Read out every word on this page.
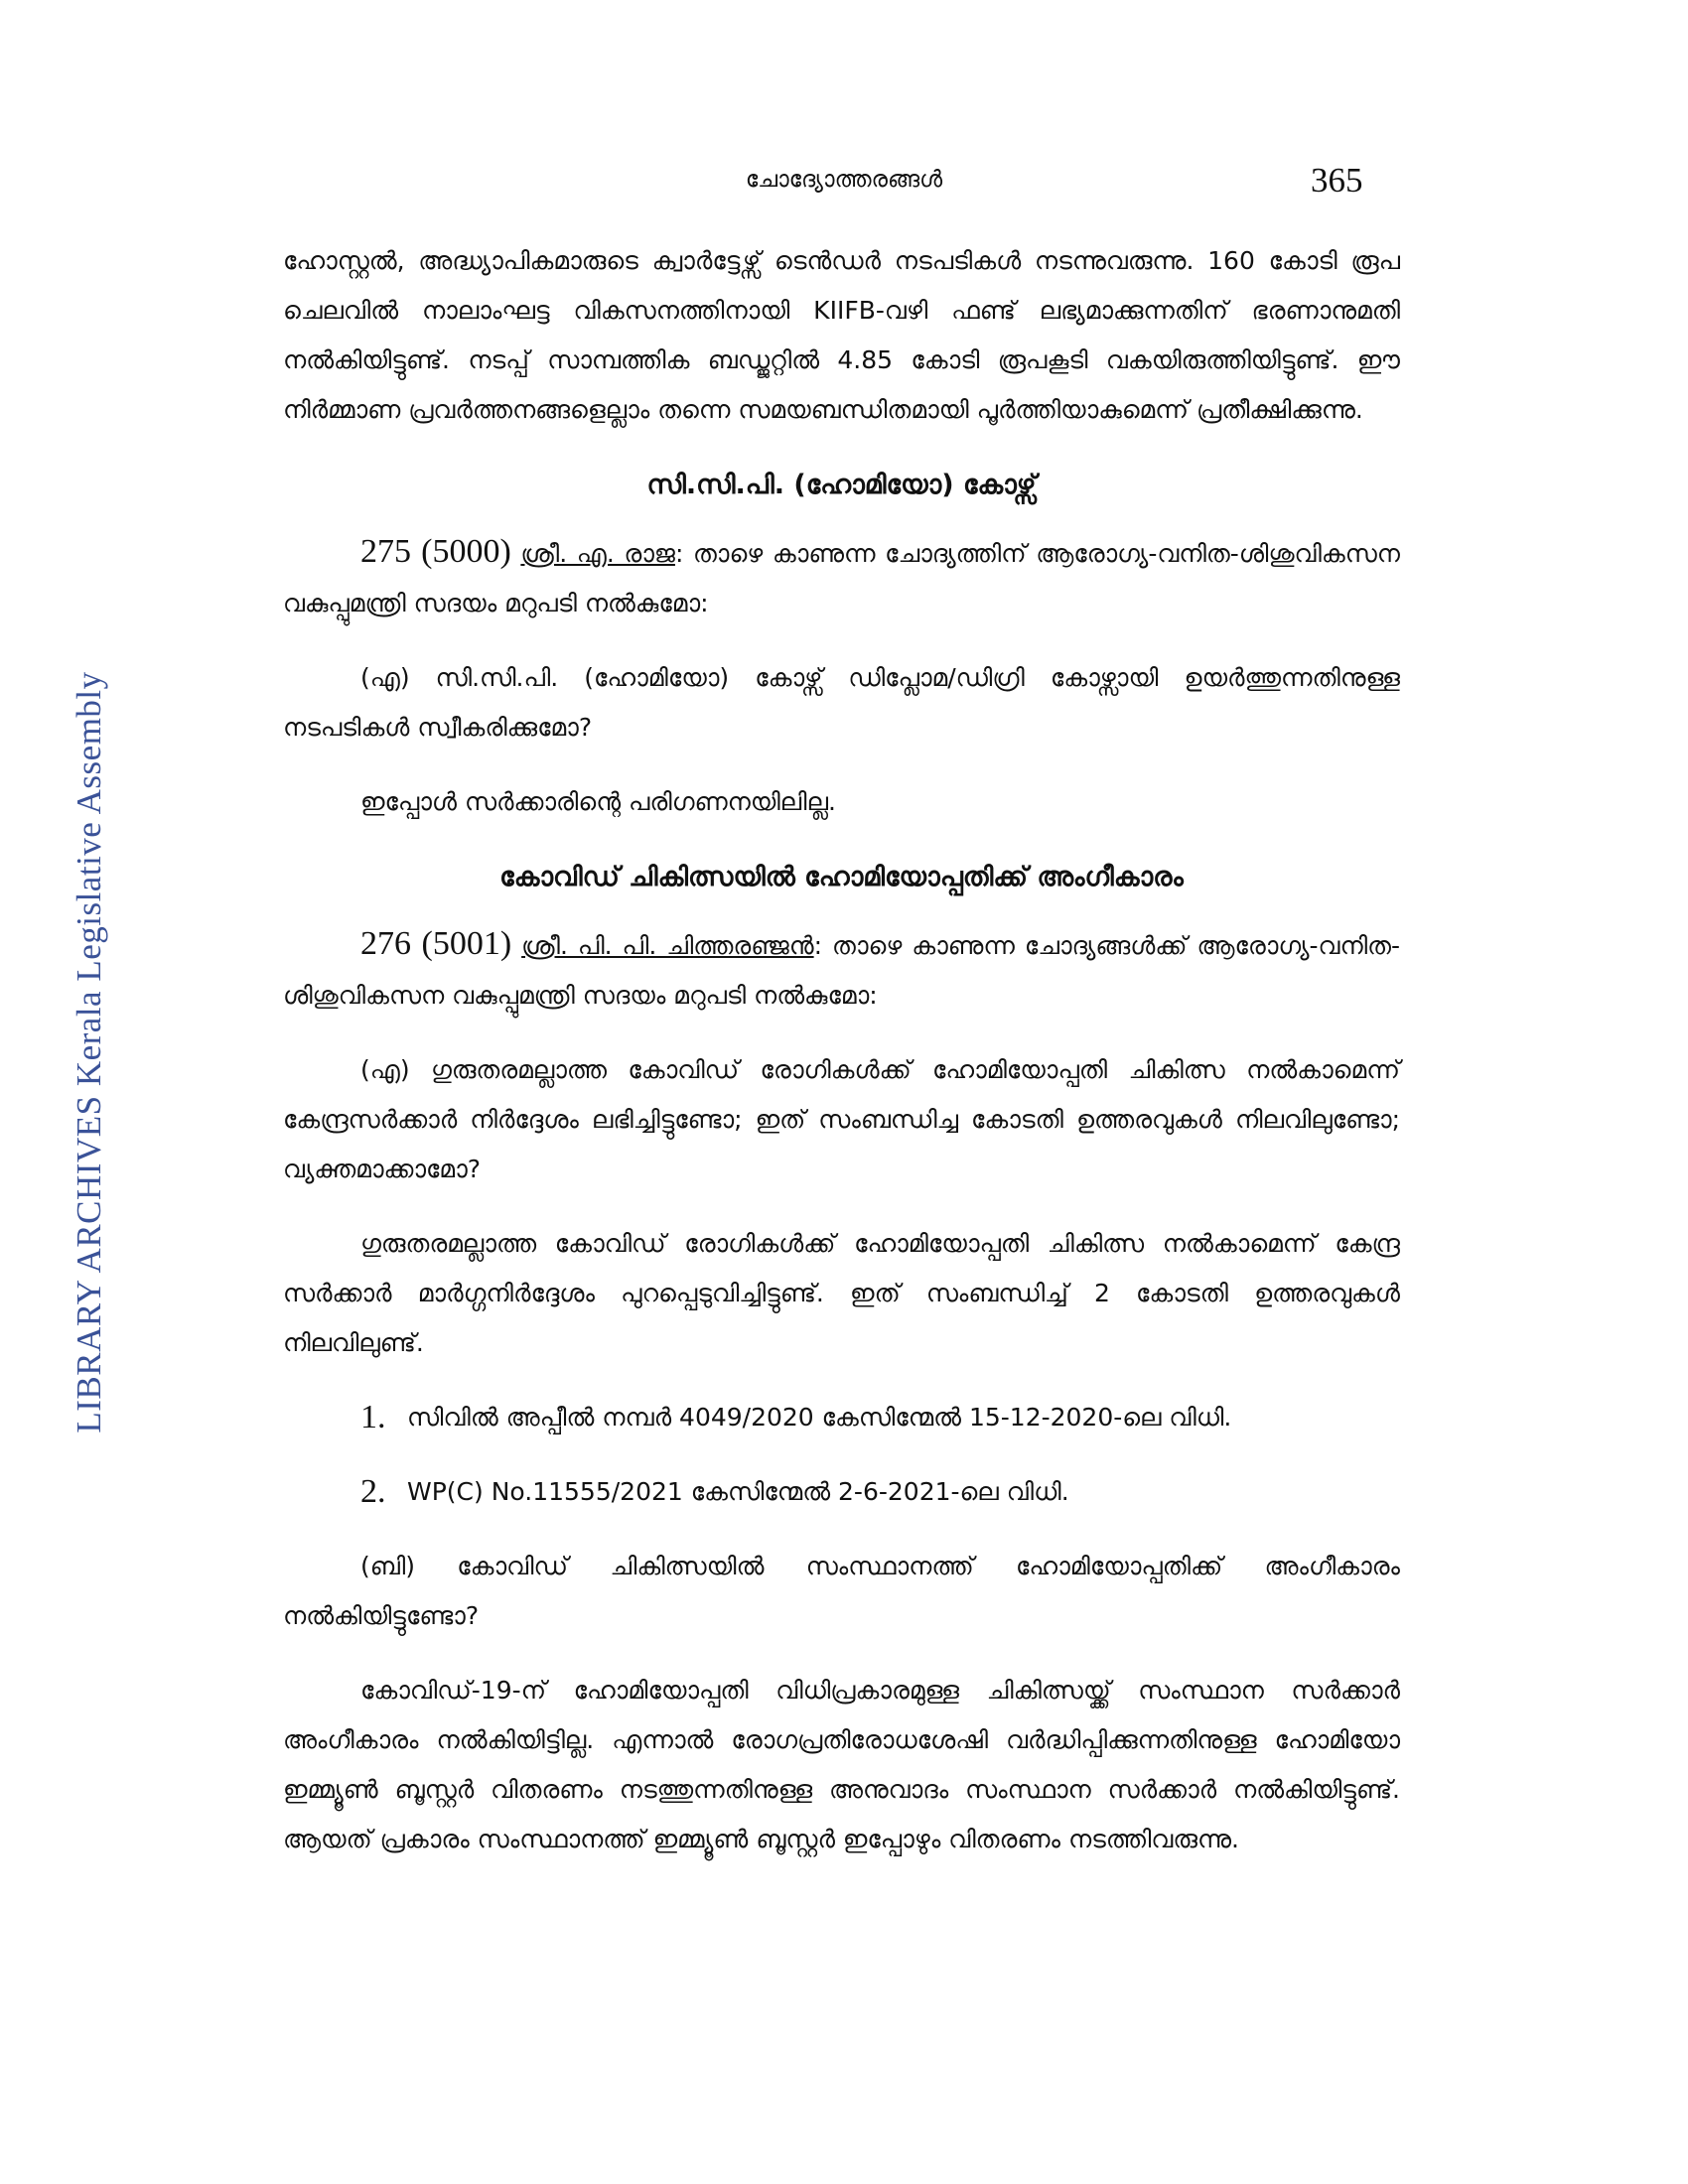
ചോദ്യോത്തരങ്ങൾ	365
LIBRARY ARCHIVES Kerala Legislative Assembly

ഹോസ്റ്റൽ, അദ്ധ്യാപികമാരുടെ ക്വാർട്ടേഴ്സ് ടെൻഡർ നടപടികൾ നടന്നുവരുന്നു. 160 കോടി രൂപ ചെലവിൽ നാലാംഘട്ട വികസനത്തിനായി KIIFB-വഴി ഫണ്ട് ലഭ്യമാക്കുന്നതിന് ഭരണാനുമതി നൽകിയിട്ടുണ്ട്. നടപ്പ് സാമ്പത്തിക ബഡ്ജറ്റിൽ 4.85 കോടി രൂപകൂടി വകയിരുത്തിയിട്ടുണ്ട്. ഈ നിർമ്മാണ പ്രവർത്തനങ്ങളെല്ലാം തന്നെ സമയബന്ധിതമായി പൂർത്തിയാകുമെന്ന് പ്രതീക്ഷിക്കുന്നു.

സി.സി.പി. (ഹോമിയോ) കോഴ്സ്

275 (5000) ശ്രീ. എ. രാജ: താഴെ കാണുന്ന ചോദ്യത്തിന് ആരോഗ്യ-വനിത-ശിശുവികസന വകുപ്പുമന്ത്രി സദയം മറുപടി നൽകുമോ:

(എ) സി.സി.പി. (ഹോമിയോ) കോഴ്സ് ഡിപ്ലോമ/ഡിഗ്രി കോഴ്സായി ഉയർത്തുന്നതിനുള്ള നടപടികൾ സ്വീകരിക്കുമോ?

ഇപ്പോൾ സർക്കാരിന്റെ പരിഗണനയിലില്ല.

കോവിഡ് ചികിത്സയിൽ ഹോമിയോപ്പതിക്ക് അംഗീകാരം

276 (5001) ശ്രീ. പി. പി. ചിത്തരഞ്ജൻ: താഴെ കാണുന്ന ചോദ്യങ്ങൾക്ക് ആരോഗ്യ-വനിത-ശിശുവികസന വകുപ്പുമന്ത്രി സദയം മറുപടി നൽകുമോ:

(എ) ഗുരുതരമല്ലാത്ത കോവിഡ് രോഗികൾക്ക് ഹോമിയോപ്പതി ചികിത്സ നൽകാമെന്ന് കേന്ദ്രസർക്കാർ നിർദ്ദേശം ലഭിച്ചിട്ടുണ്ടോ; ഇത് സംബന്ധിച്ച കോടതി ഉത്തരവുകൾ നിലവിലുണ്ടോ; വ്യക്തമാക്കാമോ?

ഗുരുതരമല്ലാത്ത കോവിഡ് രോഗികൾക്ക് ഹോമിയോപ്പതി ചികിത്സ നൽകാമെന്ന് കേന്ദ്ര സർക്കാർ മാർഗ്ഗനിർദ്ദേശം പുറപ്പെടുവിച്ചിട്ടുണ്ട്. ഇത് സംബന്ധിച്ച് 2 കോടതി ഉത്തരവുകൾ നിലവിലുണ്ട്.

1. സിവിൽ അപ്പീൽ നമ്പർ 4049/2020 കേസിന്മേൽ 15-12-2020-ലെ വിധി.
2. WP(C) No.11555/2021 കേസിന്മേൽ 2-6-2021-ലെ വിധി.

(ബി) കോവിഡ് ചികിത്സയിൽ സംസ്ഥാനത്ത് ഹോമിയോപ്പതിക്ക് അംഗീകാരം നൽകിയിട്ടുണ്ടോ?

കോവിഡ്-19-ന് ഹോമിയോപ്പതി വിധിപ്രകാരമുള്ള ചികിത്സയ്ക്ക് സംസ്ഥാന സർക്കാർ അംഗീകാരം നൽകിയിട്ടില്ല. എന്നാൽ രോഗപ്രതിരോധശേഷി വർദ്ധിപ്പിക്കുന്നതിനുള്ള ഹോമിയോ ഇമ്മ്യൂൺ ബൂസ്റ്റർ വിതരണം നടത്തുന്നതിനുള്ള അനുവാദം സംസ്ഥാന സർക്കാർ നൽകിയിട്ടുണ്ട്. ആയത് പ്രകാരം സംസ്ഥാനത്ത് ഇമ്മ്യൂൺ ബൂസ്റ്റർ ഇപ്പോഴും വിതരണം നടത്തിവരുന്നു.
